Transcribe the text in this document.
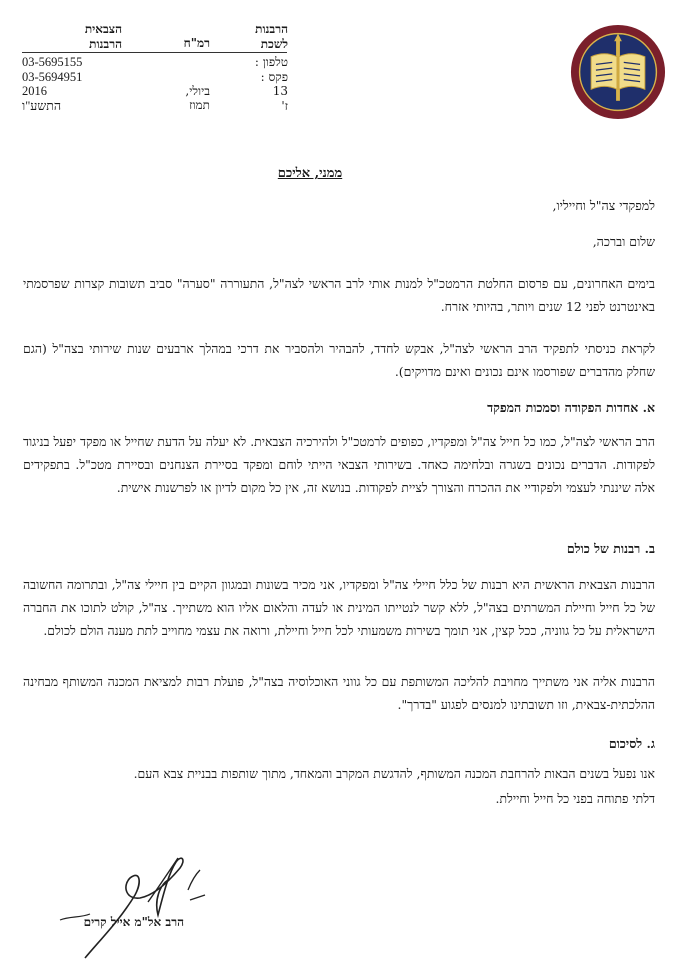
הצבאית
הרבנות
03-5695155
03-5694951
2016
התשע"ו
רמ"ח

ביולי,
תמוז
הרבנות
לשכת
טלפון :
פקס :
13
ז'
ממני, אליכם
למפקדי צה"ל וחייליו,
שלום וברכה,
בימים האחרונים, עם פרסום החלטת הרמטכ"ל למנות אותי לרב הראשי לצה"ל, התעוררה "סערה" סביב תשובות קצרות שפרסמתי באינטרנט לפני 12 שנים ויותר, בהיותי אזרח.
לקראת כניסתי לתפקיד הרב הראשי לצה"ל, אבקש לחדד, להבהיר ולהסביר את דרכי במהלך ארבעים שנות שירותי בצה"ל (הגם שחלק מהדברים שפורסמו אינם נכונים ואינם מדויקים).
א. אחדות הפקודה וסמכות המפקד
הרב הראשי לצה"ל, כמו כל חייל צה"ל ומפקדיו, כפופים לרמטכ"ל ולהירכיה הצבאית. לא יעלה על הדעת שחייל או מפקד יפעל בניגוד לפקודות. הדברים נכונים בשגרה ובלחימה כאחד. בשירותי הצבאי הייתי לוחם ומפקד בסיירת הצנחנים ובסיירת מטכ"ל. בתפקידים אלה שיננתי לעצמי ולפקודיי את ההכרח והצורך לציית לפקודות. בנושא זה, אין כל מקום לדיון או לפרשנות אישית.
ב. רבנות של כולם
הרבנות הצבאית הראשית היא רבנות של כלל חיילי צה"ל ומפקדיו, אני מכיר בשונות ובמגוון הקיים בין חיילי צה"ל, ובתרומה החשובה של כל חייל וחיילת המשרתים בצה"ל, ללא קשר לנטייתו המינית או לעדה והלאום אליו הוא משתייך. צה"ל, קולט לתוכו את החברה הישראלית על כל גווניה, ככל קצין, אני תומך בשירות משמעותי לכל חייל וחיילת, ורואה את עצמי מחוייב לתת מענה הולם לכולם.
הרבנות אליה אני משתייך מחויבת להליכה המשותפת עם כל גווני האוכלוסיה בצה"ל, פועלת רבות למציאת המכנה המשותף מבחינה ההלכתית-צבאית, וזו תשובתינו למנסים לפגוע "בדרך".
ג. לסיכום
אנו נפעל בשנים הבאות להרחבת המכנה המשותף, להדגשת המקרב והמאחד, מתוך שותפות בבניית צבא העם.
דלתי פתוחה בפני כל חייל וחיילת.
הרב אל"מ אייל קרים
